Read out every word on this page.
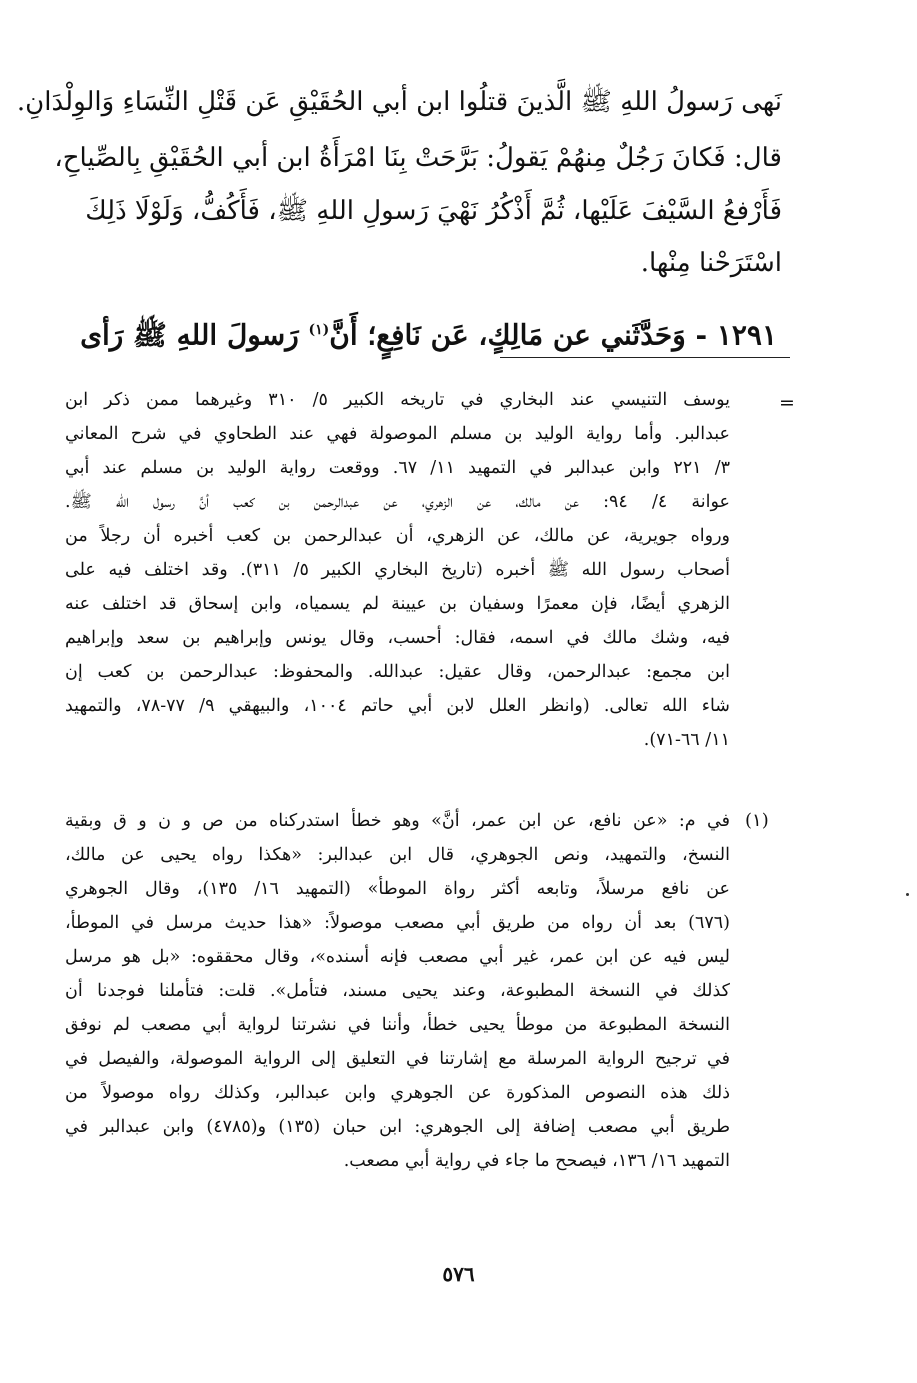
نَهى رَسولُ اللهِ ﷺ الَّذينَ قتلُوا ابن أبي الحُقَيْقِ عَن قَتْلِ النِّسَاءِ وَالوِلْدَانِ.
قال: فَكانَ رَجُلٌ مِنهُمْ يَقولُ: بَرَّحَتْ بِنَا امْرَأَةُ ابن أبي الحُقَيْقِ بِالصِّياحِ،
فَأَرْفعُ السَّيْفَ عَلَيْها، ثُمَّ أَذْكُرُ نَهْيَ رَسولِ اللهِ ﷺ، فَأَكُفُّ، وَلَوْلَا ذَلِكَ
اسْتَرَحْنا مِنْها.
١٢٩١ - وَحَدَّثَني عن مَالِكٍ، عَن نَافِعٍ؛ أَنَّ$^{(١)}$ رَسولَ اللهِ ﷺ رَأى
=
يوسف التنيسي عند البخاري في تاريخه الكبير ٥/ ٣١٠ وغيرهما ممن ذكر ابن
عبدالبر. وأما رواية الوليد بن مسلم الموصولة فهي عند الطحاوي في شرح المعاني
٣/ ٢٢١ وابن عبدالبر في التمهيد ١١/ ٦٧. ووقعت رواية الوليد بن مسلم عند أبي
عوانة ٤/ ٩٤: عن مالك، عن الزهري، عن عبدالرحمن بن كعب أنَّ رسول الله ﷺ.
ورواه جويرية، عن مالك، عن الزهري، أن عبدالرحمن بن كعب أخبره أن رجلاً من
أصحاب رسول الله ﷺ أخبره (تاريخ البخاري الكبير ٥/ ٣١١). وقد اختلف فيه على
الزهري أيضًا، فإن معمرًا وسفيان بن عيينة لم يسمياه، وابن إسحاق قد اختلف عنه
فيه، وشك مالك في اسمه، فقال: أحسب، وقال يونس وإبراهيم بن سعد وإبراهيم
ابن مجمع: عبدالرحمن، وقال عقيل: عبدالله. والمحفوظ: عبدالرحمن بن كعب إن
شاء الله تعالى. (وانظر العلل لابن أبي حاتم ١٠٠٤، والبيهقي ٩/ ٧٧-٧٨، والتمهيد
١١/ ٦٦-٧١).
(١)
في م: «عن نافع، عن ابن عمر، أنَّ» وهو خطأ استدركناه من ص و ن و ق وبقية
النسخ، والتمهيد، ونص الجوهري، قال ابن عبدالبر: «هكذا رواه يحيى عن مالك،
عن نافع مرسلاً، وتابعه أكثر رواة الموطأ» (التمهيد ١٦/ ١٣٥)، وقال الجوهري
(٦٧٦) بعد أن رواه من طريق أبي مصعب موصولاً: «هذا حديث مرسل في الموطأ،
ليس فيه عن ابن عمر، غير أبي مصعب فإنه أسنده»، وقال محققوه: «بل هو مرسل
كذلك في النسخة المطبوعة، وعند يحيى مسند، فتأمل». قلت: فتأملنا فوجدنا أن
النسخة المطبوعة من موطأ يحيى خطأ، وأننا في نشرتنا لرواية أبي مصعب لم نوفق
في ترجيح الرواية المرسلة مع إشارتنا في التعليق إلى الرواية الموصولة، والفيصل في
ذلك هذه النصوص المذكورة عن الجوهري وابن عبدالبر، وكذلك رواه موصولاً من
طريق أبي مصعب إضافة إلى الجوهري: ابن حبان (١٣٥) و(٤٧٨٥) وابن عبدالبر في
التمهيد ١٦/ ١٣٦، فيصحح ما جاء في رواية أبي مصعب.
٥٧٦
